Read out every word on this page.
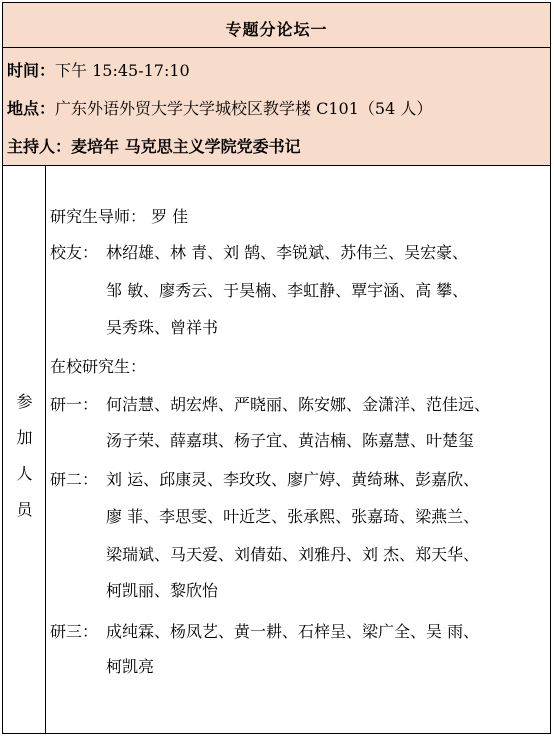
专题分论坛一
时间：下午 15:45-17:10
地点：广东外语外贸大学大学城校区教学楼 C101（54 人）
主持人：麦培年 马克思主义学院党委书记
参
加
人
员
研究生导师： 罗 佳
校友： 林绍雄、林 青、刘 鹄、李锐斌、苏伟兰、吴宏豪、
邹 敏、廖秀云、于昊楠、李虹静、覃宇涵、高 攀、
吴秀珠、曾祥书
在校研究生：
研一： 何洁慧、胡宏烨、严晓丽、陈安娜、金潇洋、范佳远、
汤子荣、薛嘉琪、杨子宜、黄洁楠、陈嘉慧、叶楚玺
研二： 刘 运、邱康灵、李玫玫、廖广婷、黄绮琳、彭嘉欣、
廖 菲、李思雯、叶近芝、张承熙、张嘉琦、梁燕兰、
梁瑞斌、马天爱、刘倩茹、刘雅丹、刘 杰、郑天华、
柯凯丽、黎欣怡
研三： 成纯霖、杨凤艺、黄一耕、石梓呈、梁广全、吴 雨、
柯凯亮
